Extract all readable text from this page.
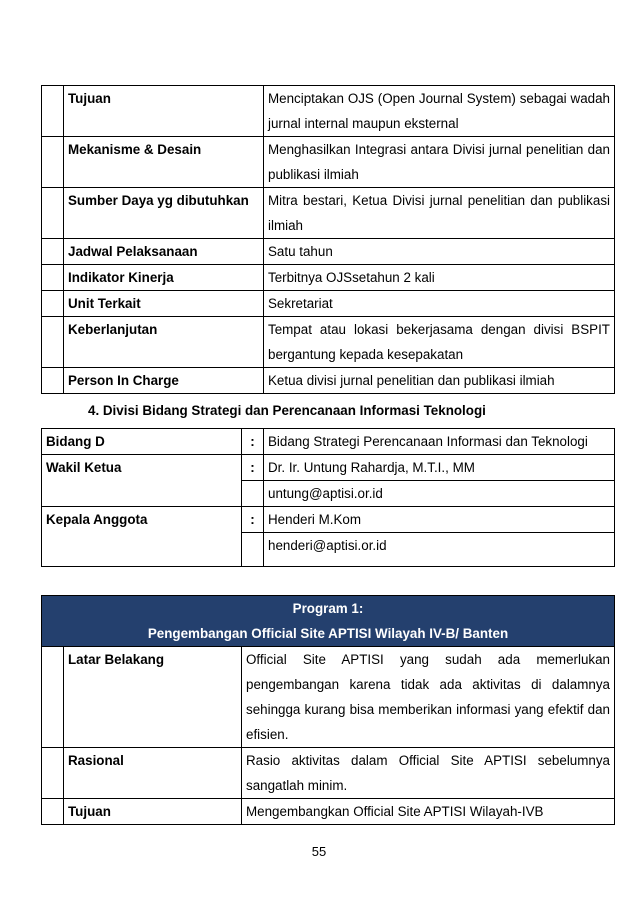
	Tujuan	Menciptakan OJS (Open Journal System) sebagai wadah jurnal internal maupun eksternal
	Mekanisme & Desain	Menghasilkan Integrasi antara Divisi jurnal penelitian dan publikasi ilmiah
	Sumber Daya yg dibutuhkan	Mitra bestari, Ketua Divisi jurnal penelitian dan publikasi ilmiah
	Jadwal Pelaksanaan	Satu tahun
	Indikator Kinerja	Terbitnya OJSsetahun 2 kali
	Unit Terkait	Sekretariat
	Keberlanjutan	Tempat atau lokasi bekerjasama dengan divisi BSPIT bergantung kepada kesepakatan
	Person In Charge	Ketua divisi jurnal penelitian dan publikasi ilmiah
4. Divisi Bidang Strategi dan Perencanaan Informasi Teknologi
Bidang D	:	Bidang Strategi Perencanaan Informasi dan Teknologi
Wakil Ketua	:	Dr. Ir. Untung Rahardja, M.T.I., MM
		untung@aptisi.or.id
Kepala Anggota	:	Henderi M.Kom
		henderi@aptisi.or.id
Program 1:
Pengembangan Official Site APTISI Wilayah IV-B/ Banten		

	Latar Belakang	Official Site APTISI yang sudah ada memerlukan pengembangan karena tidak ada aktivitas di dalamnya sehingga kurang bisa memberikan informasi yang efektif dan efisien.
	Rasional	Rasio aktivitas dalam Official Site APTISI sebelumnya sangatlah minim.
	Tujuan	Mengembangkan Official Site APTISI Wilayah-IVB
55
